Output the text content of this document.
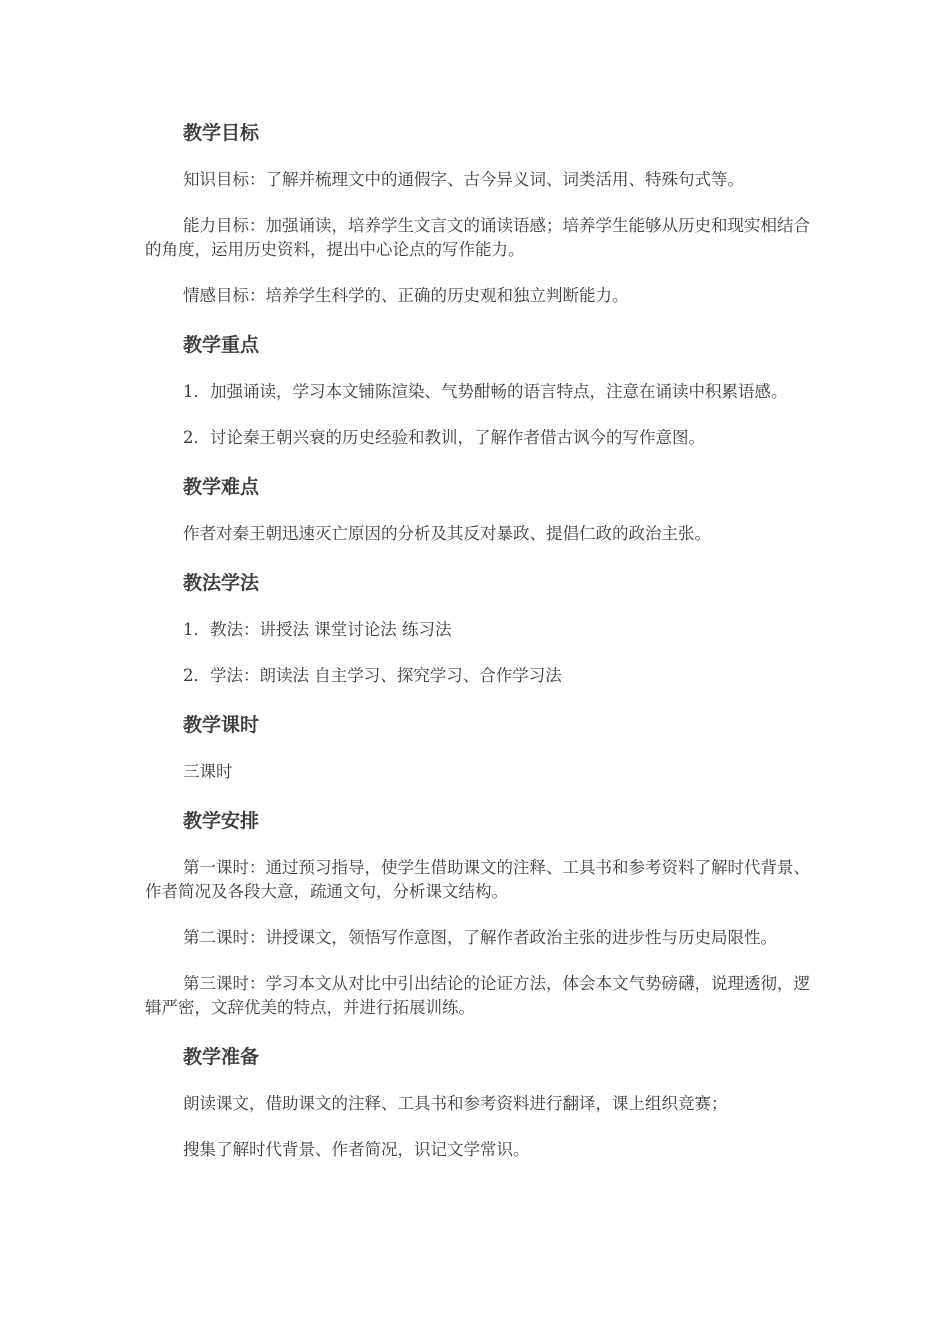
教学目标

知识目标：了解并梳理文中的通假字、古今异义词、词类活用、特殊句式等。

能力目标：加强诵读，培养学生文言文的诵读语感；培养学生能够从历史和现实相结合的角度，运用历史资料，提出中心论点的写作能力。

情感目标：培养学生科学的、正确的历史观和独立判断能力。

教学重点

1．加强诵读，学习本文铺陈渲染、气势酣畅的语言特点，注意在诵读中积累语感。

2．讨论秦王朝兴衰的历史经验和教训，了解作者借古讽今的写作意图。

教学难点

作者对秦王朝迅速灭亡原因的分析及其反对暴政、提倡仁政的政治主张。

教法学法

1．教法：讲授法 课堂讨论法 练习法

2．学法：朗读法 自主学习、探究学习、合作学习法

教学课时

三课时

教学安排

第一课时：通过预习指导，使学生借助课文的注释、工具书和参考资料了解时代背景、作者简况及各段大意，疏通文句，分析课文结构。

第二课时：讲授课文，领悟写作意图，了解作者政治主张的进步性与历史局限性。

第三课时：学习本文从对比中引出结论的论证方法，体会本文气势磅礴，说理透彻，逻辑严密，文辞优美的特点，并进行拓展训练。

教学准备

朗读课文，借助课文的注释、工具书和参考资料进行翻译，课上组织竞赛；

搜集了解时代背景、作者简况，识记文学常识。
